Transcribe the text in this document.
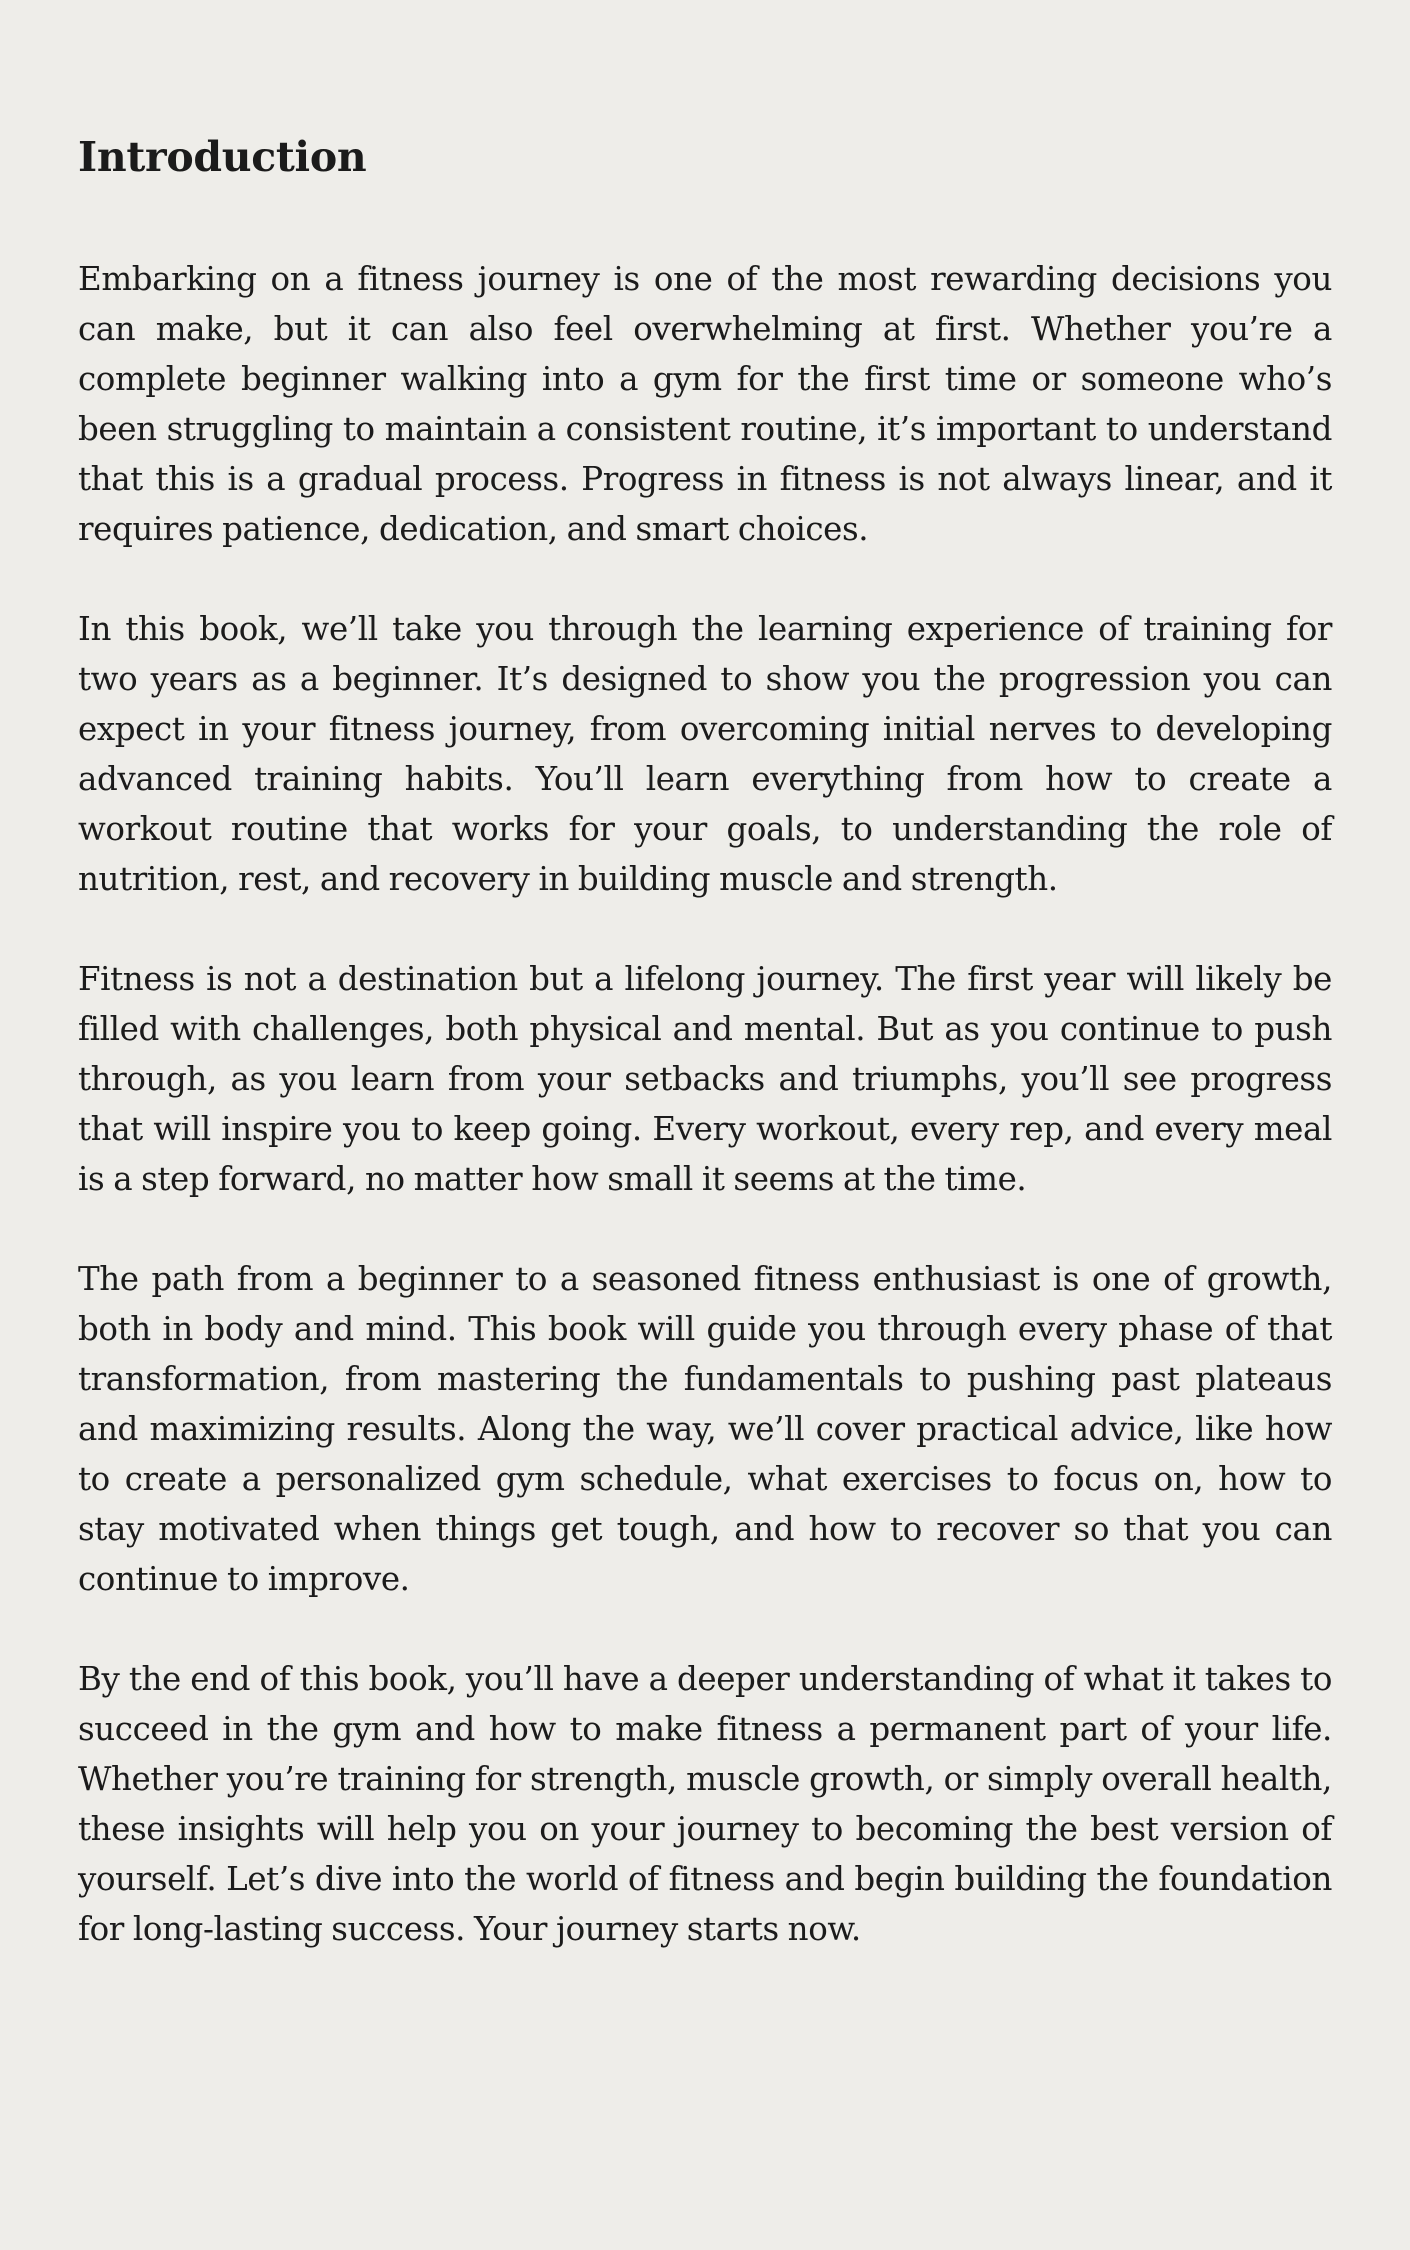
Introduction

Embarking on a fitness journey is one of the most rewarding decisions you can make, but it can also feel overwhelming at first. Whether you’re a complete beginner walking into a gym for the first time or someone who’s been struggling to maintain a consistent routine, it’s important to understand that this is a gradual process. Progress in fitness is not always linear, and it requires patience, dedication, and smart choices.

In this book, we’ll take you through the learning experience of training for two years as a beginner. It’s designed to show you the progression you can expect in your fitness journey, from overcoming initial nerves to developing advanced training habits. You’ll learn everything from how to create a workout routine that works for your goals, to understanding the role of nutrition, rest, and recovery in building muscle and strength.

Fitness is not a destination but a lifelong journey. The first year will likely be filled with challenges, both physical and mental. But as you continue to push through, as you learn from your setbacks and triumphs, you’ll see progress that will inspire you to keep going. Every workout, every rep, and every meal is a step forward, no matter how small it seems at the time.

The path from a beginner to a seasoned fitness enthusiast is one of growth, both in body and mind. This book will guide you through every phase of that transformation, from mastering the fundamentals to pushing past plateaus and maximizing results. Along the way, we’ll cover practical advice, like how to create a personalized gym schedule, what exercises to focus on, how to stay motivated when things get tough, and how to recover so that you can continue to improve.

By the end of this book, you’ll have a deeper understanding of what it takes to succeed in the gym and how to make fitness a permanent part of your life. Whether you’re training for strength, muscle growth, or simply overall health, these insights will help you on your journey to becoming the best version of yourself. Let’s dive into the world of fitness and begin building the foundation for long-lasting success. Your journey starts now.
